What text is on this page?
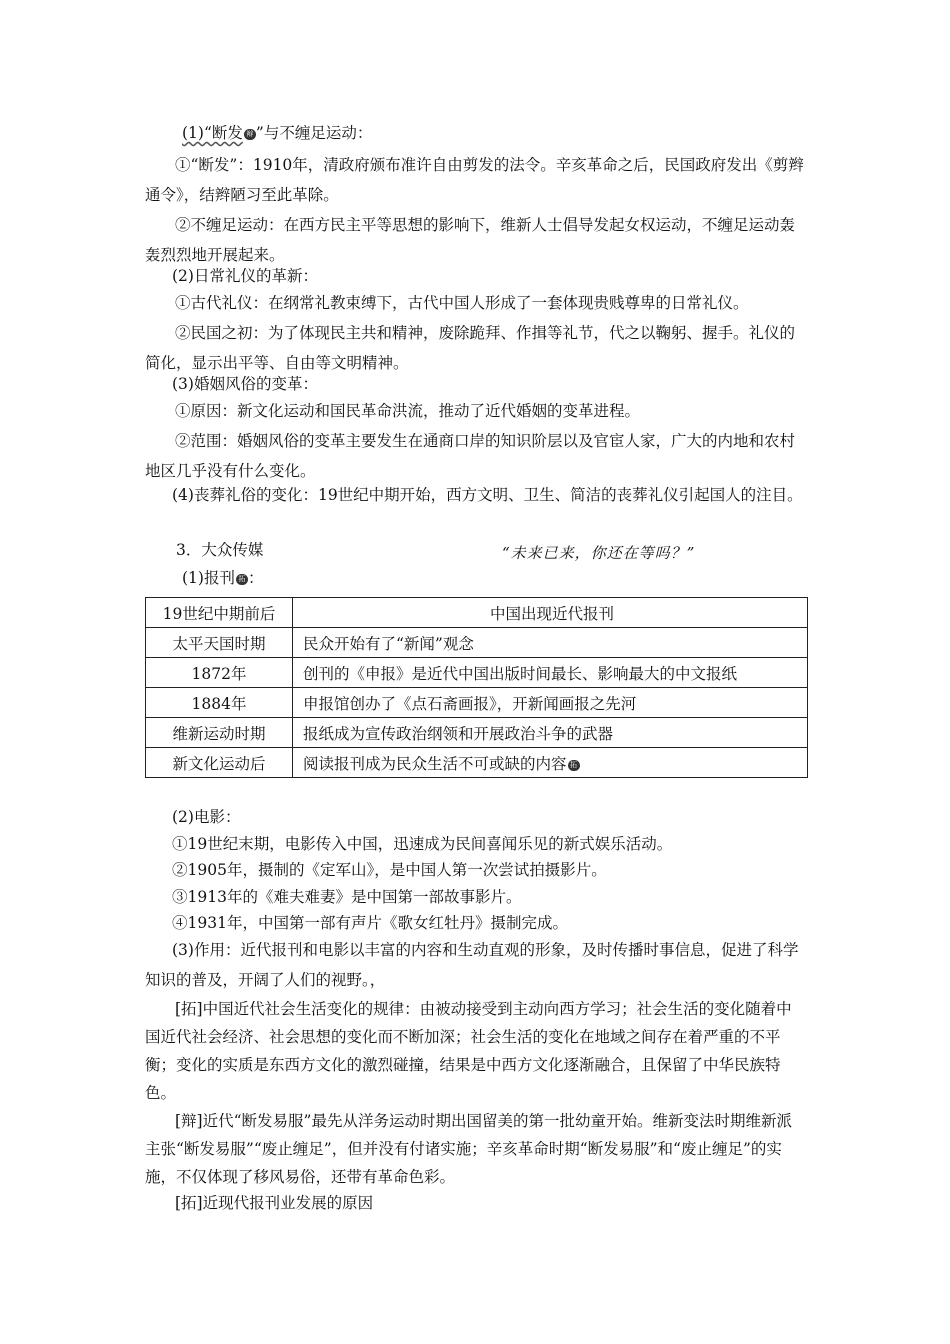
(1)“断发 辩 ”与不缠足运动：
①“断发”：1910年，清政府颁布准许自由剪发的法令。辛亥革命之后，民国政府发出《剪辫通令》，结辫陋习至此革除。
②不缠足运动：在西方民主平等思想的影响下，维新人士倡导发起女权运动，不缠足运动轰轰烈烈地开展起来。
(2)日常礼仪的革新：
①古代礼仪：在纲常礼教束缚下，古代中国人形成了一套体现贵贱尊卑的日常礼仪。
②民国之初：为了体现民主共和精神，废除跪拜、作揖等礼节，代之以鞠躬、握手。礼仪的简化，显示出平等、自由等文明精神。
(3)婚姻风俗的变革：
①原因：新文化运动和国民革命洪流，推动了近代婚姻的变革进程。
②范围：婚姻风俗的变革主要发生在通商口岸的知识阶层以及官宦人家，广大的内地和农村地区几乎没有什么变化。
(4)丧葬礼俗的变化：19世纪中期开始，西方文明、卫生、简洁的丧葬礼仪引起国人的注目。
3．大众传媒	“未来已来，你还在等吗？”
(1)报刊 拓 ：
19世纪中期前后	中国出现近代报刊
太平天国时期	民众开始有了“新闻”观念
1872年	创刊的《申报》是近代中国出版时间最长、影响最大的中文报纸
1884年	申报馆创办了《点石斋画报》，开新闻画报之先河
维新运动时期	报纸成为宣传政治纲领和开展政治斗争的武器
新文化运动后	阅读报刊成为民众生活不可或缺的内容 拓
(2)电影：
①19世纪末期，电影传入中国，迅速成为民间喜闻乐见的新式娱乐活动。
②1905年，摄制的《定军山》，是中国人第一次尝试拍摄影片。
③1913年的《难夫难妻》是中国第一部故事影片。
④1931年，中国第一部有声片《歌女红牡丹》摄制完成。
(3)作用：近代报刊和电影以丰富的内容和生动直观的形象，及时传播时事信息，促进了科学知识的普及，开阔了人们的视野。，
[拓]中国近代社会生活变化的规律：由被动接受到主动向西方学习；社会生活的变化随着中国近代社会经济、社会思想的变化而不断加深；社会生活的变化在地域之间存在着严重的不平衡；变化的实质是东西方文化的激烈碰撞，结果是中西方文化逐渐融合，且保留了中华民族特色。
[辩]近代“断发易服”最先从洋务运动时期出国留美的第一批幼童开始。维新变法时期维新派主张“断发易服”“废止缠足”，但并没有付诸实施；辛亥革命时期“断发易服”和“废止缠足”的实施，不仅体现了移风易俗，还带有革命色彩。
[拓]近现代报刊业发展的原因
